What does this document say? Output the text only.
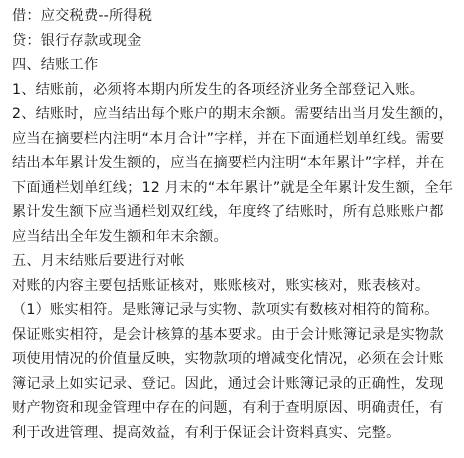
借：应交税费--所得税
贷：银行存款或现金
四、结账工作
1、结账前，必须将本期内所发生的各项经济业务全部登记入账。
2、结账时，应当结出每个账户的期末余额。需要结出当月发生额的，
应当在摘要栏内注明“本月合计”字样，并在下面通栏划单红线。需要
结出本年累计发生额的，应当在摘要栏内注明“本年累计”字样，并在
下面通栏划单红线；12 月末的“本年累计”就是全年累计发生额，全年
累计发生额下应当通栏划双红线，年度终了结账时，所有总账账户都
应当结出全年发生额和年末余额。
五、月末结账后要进行对帐
对账的内容主要包括账证核对，账账核对，账实核对，账表核对。
（1）账实相符。是账簿记录与实物、款项实有数核对相符的简称。
保证账实相符，是会计核算的基本要求。由于会计账簿记录是实物款
项使用情况的价值量反映，实物款项的增减变化情况，必须在会计账
簿记录上如实记录、登记。因此，通过会计账簿记录的正确性，发现
财产物资和现金管理中存在的问题，有利于查明原因、明确责任，有
利于改进管理、提高效益，有利于保证会计资料真实、完整。
